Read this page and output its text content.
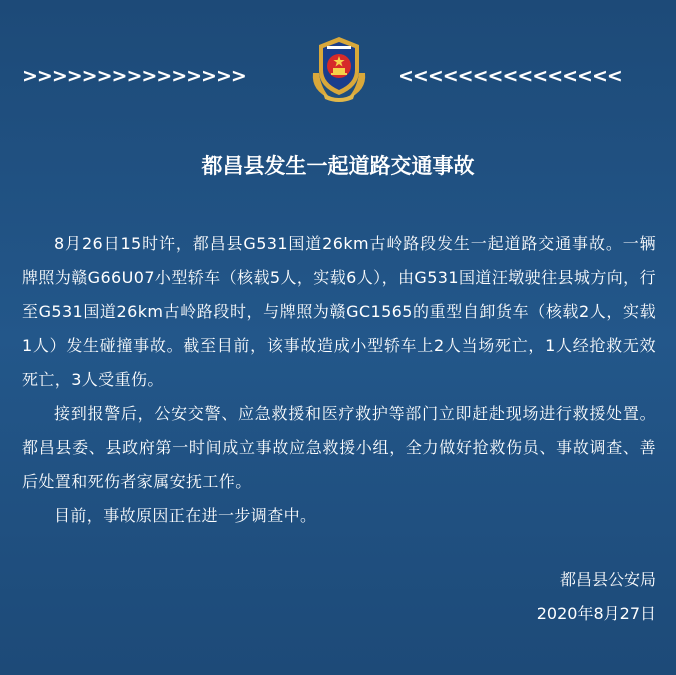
>>>>>>>>>>>>>>>	<<<<<<<<<<<<<<<
都昌县发生一起道路交通事故

8月26日15时许，都昌县G531国道26km古岭路段发生一起道路交通事故。一辆牌照为赣G66U07小型轿车（核载5人，实载6人），由G531国道汪墩驶往县城方向，行至G531国道26km古岭路段时，与牌照为赣GC1565的重型自卸货车（核载2人，实载1人）发生碰撞事故。截至目前，该事故造成小型轿车上2人当场死亡，1人经抢救无效死亡，3人受重伤。

接到报警后，公安交警、应急救援和医疗救护等部门立即赶赴现场进行救援处置。都昌县委、县政府第一时间成立事故应急救援小组，全力做好抢救伤员、事故调查、善后处置和死伤者家属安抚工作。

目前，事故原因正在进一步调查中。

都昌县公安局
2020年8月27日
